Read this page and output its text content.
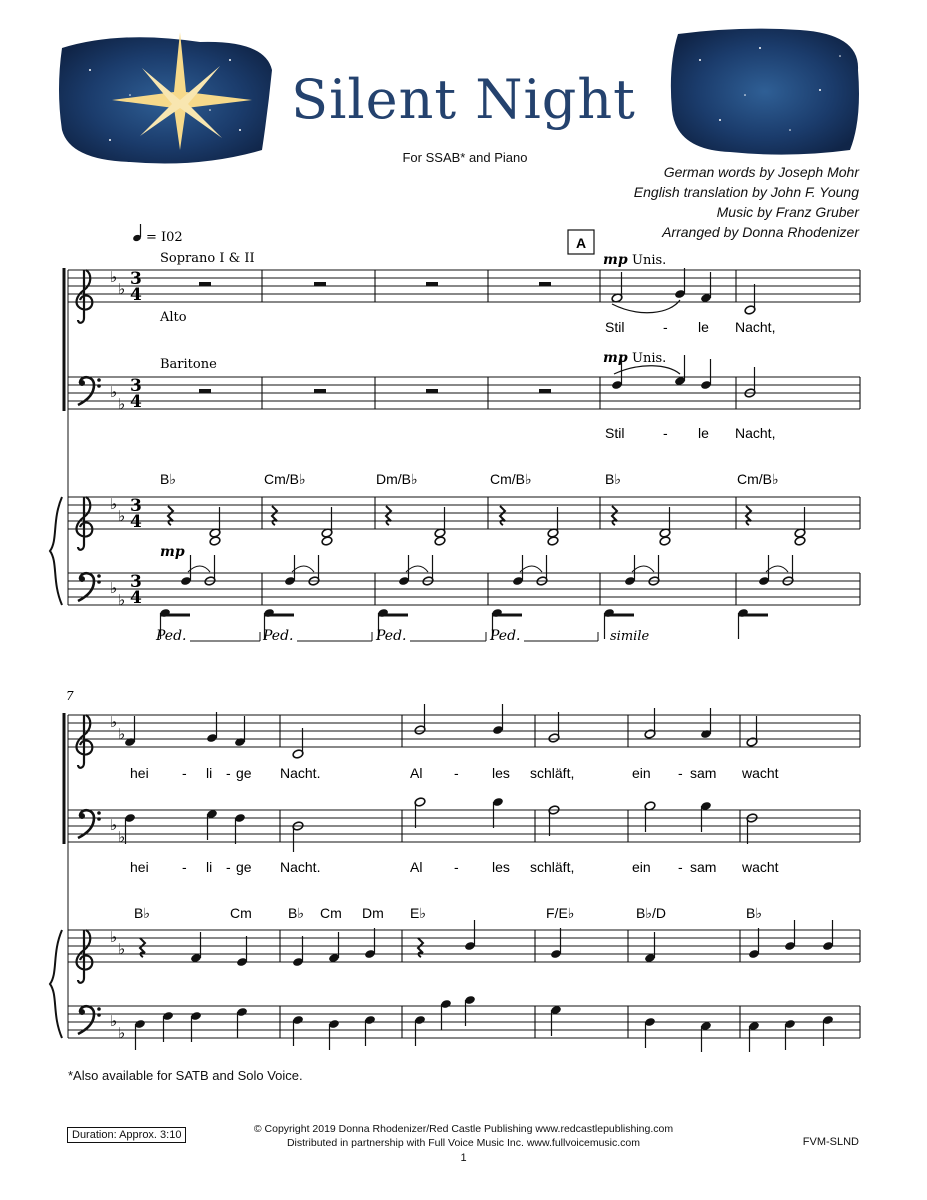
Silent Night
For SSAB* and Piano
German words by Joseph Mohr
English translation by John F. Young
Music by Franz Gruber
Arranged by Donna Rhodenizer
= I02	A
Soprano I & II
Alto
Baritone
mp Unis.
mp Unis.
mp
♭
♭ 3
4
♭
♭
3
4
♭
♭ 3
4
♭
♭
3
4
♭
♭
♭
♭
♭
♭
♭
♭
Stil	- le Nacht,
Stil	- le Nacht,
B♭	Cm/B♭	Dm/B♭	Cm/B♭	B♭	Cm/B♭
Ped.	Ped.	Ped.	Ped.	simile
7
hei - li - ge Nacht.	Al - les schläft,	ein - sam wacht
hei - li - ge Nacht.	Al - les schläft,	ein - sam wacht
B♭	Cm	B♭ Cm Dm E♭	F/E♭	B♭/D	B♭
*Also available for SATB and Solo Voice.
Duration: Approx. 3:10	© Copyright 2019 Donna Rhodenizer/Red Castle Publishing www.redcastlepublishing.com
Distributed in partnership with Full Voice Music Inc. www.fullvoicemusic.com	FVM-SLND
1
